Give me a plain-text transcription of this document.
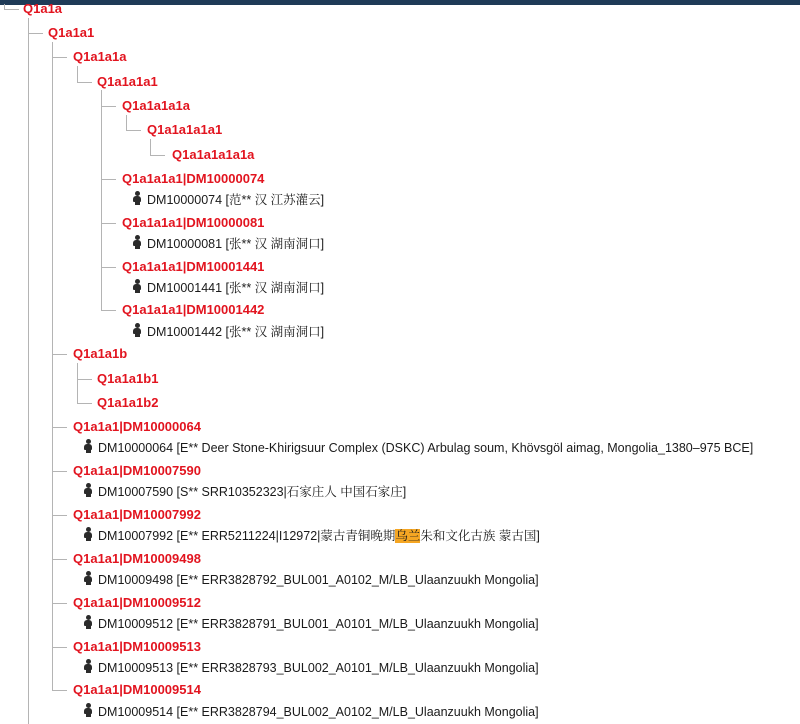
Q1a1a
Q1a1a1
Q1a1a1a
Q1a1a1a1
Q1a1a1a1a
Q1a1a1a1a1
Q1a1a1a1a1a
Q1a1a1a1|DM10000074
Q1a1a1a1|DM10000081
Q1a1a1a1|DM10001441
Q1a1a1a1|DM10001442
Q1a1a1b
Q1a1a1b1
Q1a1a1b2
Q1a1a1|DM10000064
Q1a1a1|DM10007590
Q1a1a1|DM10007992
Q1a1a1|DM10009498
Q1a1a1|DM10009512
Q1a1a1|DM10009513
Q1a1a1|DM10009514
DM10000074 [范** 汉 江苏灌云]
DM10000081 [张** 汉 湖南洞口]
DM10001441 [张** 汉 湖南洞口]
DM10001442 [张** 汉 湖南洞口]
DM10000064 [E** Deer Stone-Khirigsuur Complex (DSKC) Arbulag soum, Khövsgöl aimag, Mongolia_1380–975 BCE]
DM10007590 [S** SRR10352323|石家庄人 中国石家庄]
DM10007992 [E** ERR5211224|I12972|蒙古青铜晚期乌兰朱和文化古族 蒙古国]
DM10009498 [E** ERR3828792_BUL001_A0102_M/LB_Ulaanzuukh Mongolia]
DM10009512 [E** ERR3828791_BUL001_A0101_M/LB_Ulaanzuukh Mongolia]
DM10009513 [E** ERR3828793_BUL002_A0101_M/LB_Ulaanzuukh Mongolia]
DM10009514 [E** ERR3828794_BUL002_A0102_M/LB_Ulaanzuukh Mongolia]
